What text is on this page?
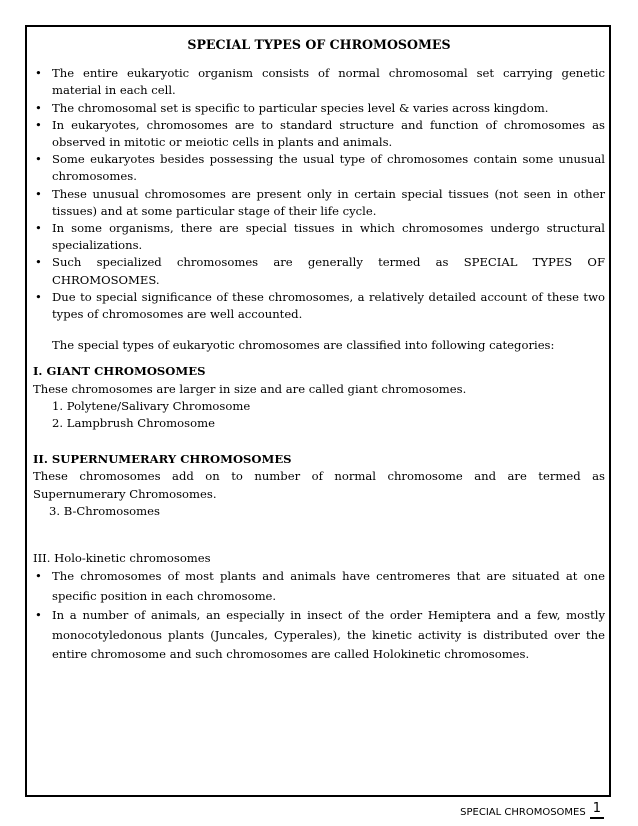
SPECIAL TYPES OF CHROMOSOMES
• The entire eukaryotic organism consists of normal chromosomal set carrying genetic material in each cell.
• The chromosomal set is specific to particular species level & varies across kingdom.
• In eukaryotes, chromosomes are to standard structure and function of chromosomes as observed in mitotic or meiotic cells in plants and animals.
• Some eukaryotes besides possessing the usual type of chromosomes contain some unusual chromosomes.
• These unusual chromosomes are present only in certain special tissues (not seen in other tissues) and at some particular stage of their life cycle.
• In some organisms, there are special tissues in which chromosomes undergo structural specializations.
• Such specialized chromosomes are generally termed as SPECIAL TYPES OF CHROMOSOMES.
• Due to special significance of these chromosomes, a relatively detailed account of these two types of chromosomes are well accounted.
The special types of eukaryotic chromosomes are classified into following categories:
I. GIANT CHROMOSOMES
These chromosomes are larger in size and are called giant chromosomes.
1. Polytene/Salivary Chromosome
2. Lampbrush Chromosome
II. SUPERNUMERARY CHROMOSOMES
These chromosomes add on to number of normal chromosome and are termed as Supernumerary Chromosomes.
3. B-Chromosomes
III. Holo-kinetic chromosomes
• The chromosomes of most plants and animals have centromeres that are situated at one specific position in each chromosome.
• In a number of animals, an especially in insect of the order Hemiptera and a few, mostly monocotyledonous plants (Juncales, Cyperales), the kinetic activity is distributed over the entire chromosome and such chromosomes are called Holokinetic chromosomes.
SPECIAL CHROMOSOMES 1
